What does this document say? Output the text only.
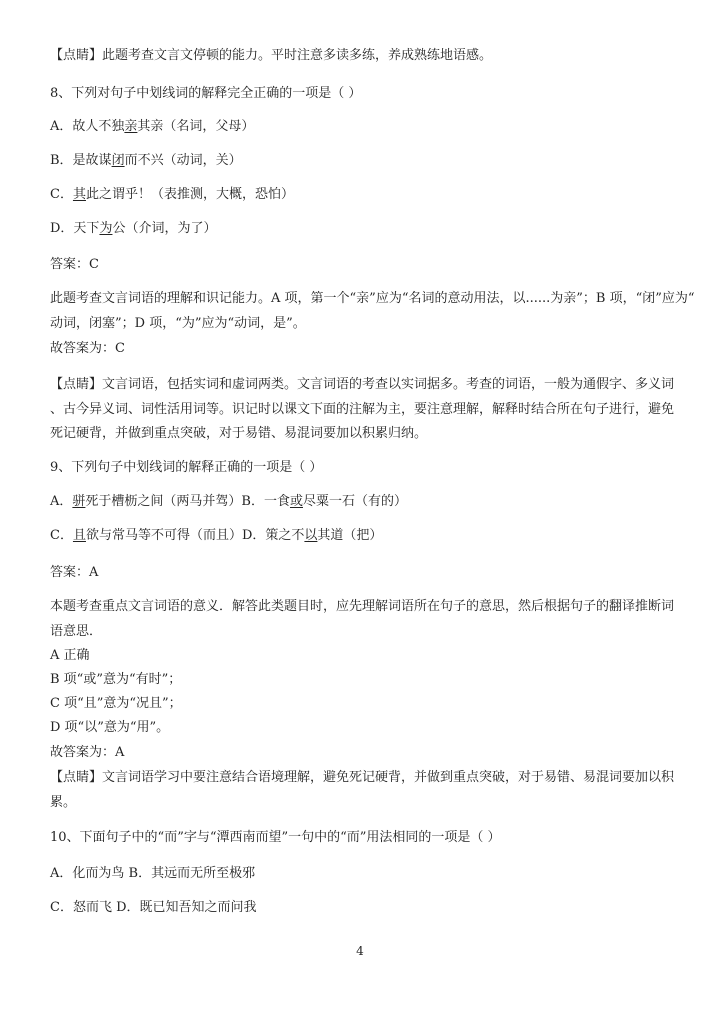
【点睛】此题考查文言文停顿的能力。平时注意多读多练，养成熟练地语感。
8、下列对句子中划线词的解释完全正确的一项是（ ）
A．故人不独亲其亲（名词，父母）
B．是故谋闭而不兴（动词，关）
C．其此之谓乎！（表推测，大概，恐怕）
D．天下为公（介词，为了）
答案：C
此题考查文言词语的理解和识记能力。A 项，第一个“亲”应为“名词的意动用法，以......为亲”；B 项，“闭”应为“
动词，闭塞”；D 项，“为”应为“动词，是”。
故答案为：C
【点睛】文言词语，包括实词和虚词两类。文言词语的考查以实词据多。考查的词语，一般为通假字、多义词
、古今异义词、词性活用词等。识记时以课文下面的注解为主，要注意理解，解释时结合所在句子进行，避免
死记硬背，并做到重点突破，对于易错、易混词要加以积累归纳。
9、下列句子中划线词的解释正确的一项是（ ）
A．骈死于槽枥之间（两马并驾）B．一食或尽粟一石（有的）
C．且欲与常马等不可得（而且）D．策之不以其道（把）
答案：A
本题考查重点文言词语的意义．解答此类题目时，应先理解词语所在句子的意思，然后根据句子的翻译推断词
语意思．
A 正确
B 项“或”意为“有时”；
C 项“且”意为“况且”；
D 项“以”意为“用”。
故答案为：A
【点睛】文言词语学习中要注意结合语境理解，避免死记硬背，并做到重点突破，对于易错、易混词要加以积
累。
10、下面句子中的“而”字与“潭西南而望”一句中的“而”用法相同的一项是（ ）
A．化而为鸟 B．其远而无所至极邪
C．怒而飞 D．既已知吾知之而问我
4
